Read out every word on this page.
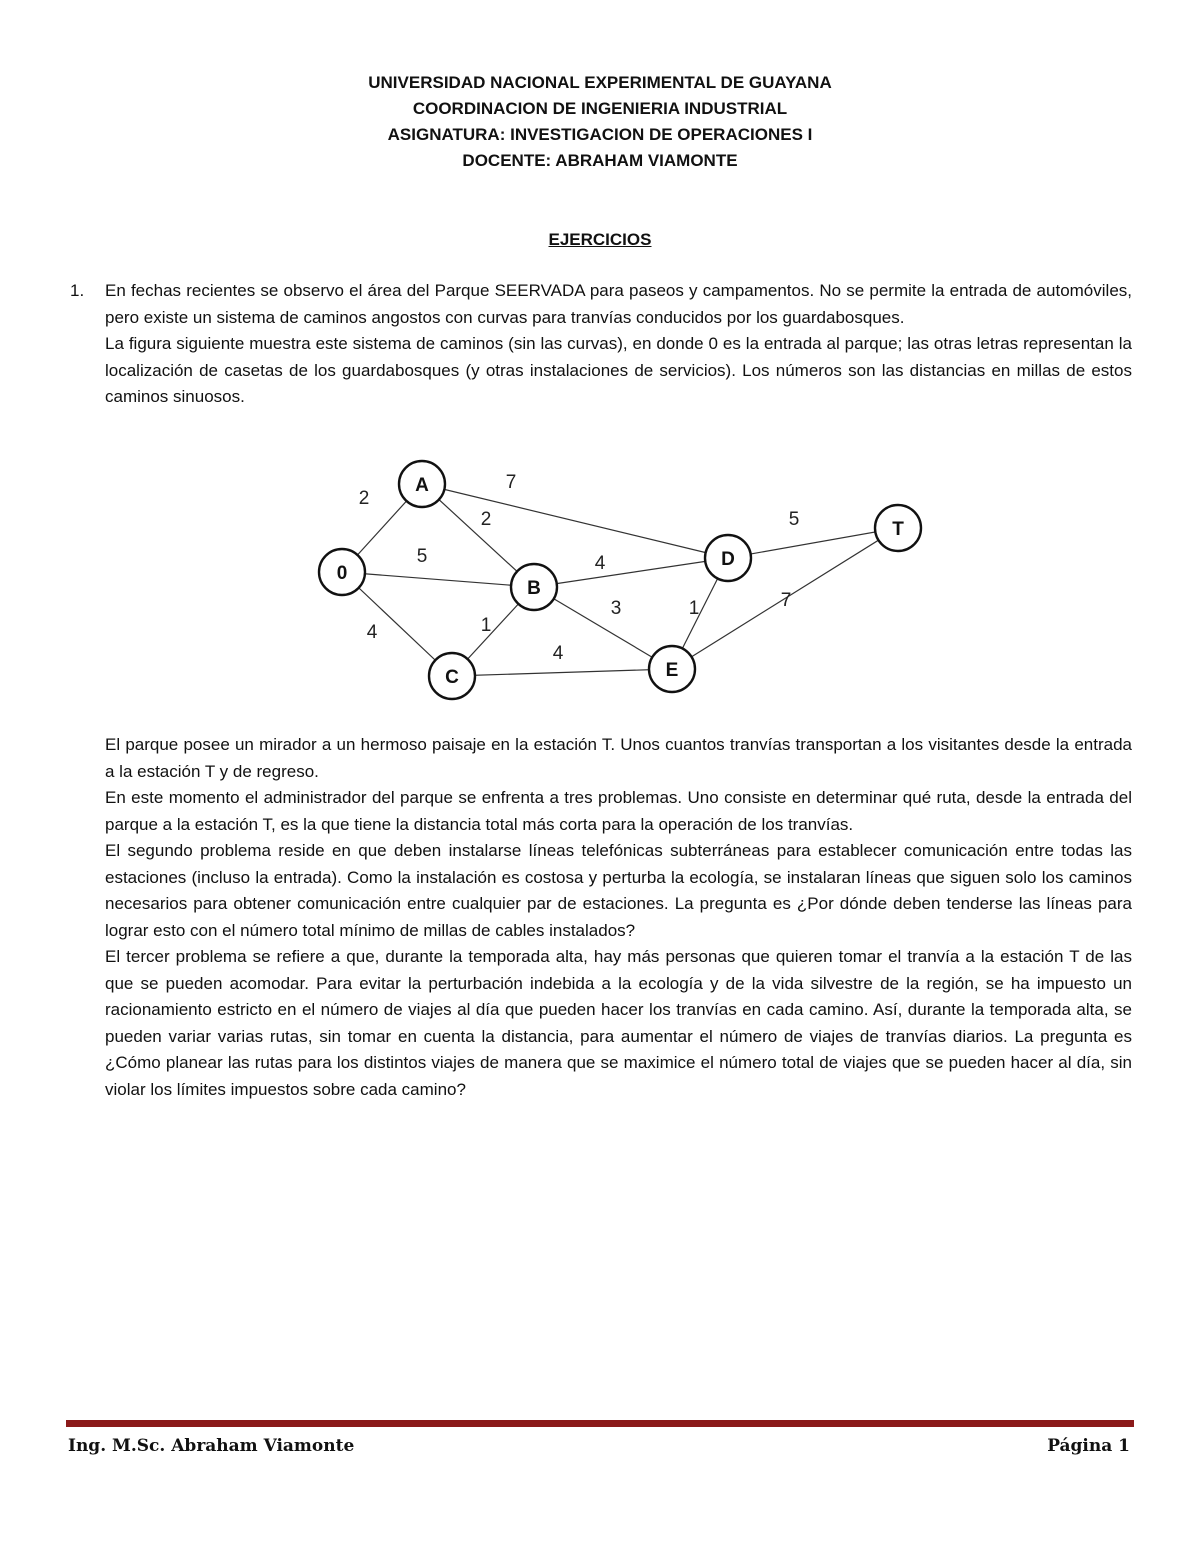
UNIVERSIDAD NACIONAL EXPERIMENTAL DE GUAYANA
COORDINACION DE INGENIERIA INDUSTRIAL
ASIGNATURA: INVESTIGACION DE OPERACIONES I
DOCENTE: ABRAHAM VIAMONTE
EJERCICIOS
1. En fechas recientes se observo el área del Parque SEERVADA para paseos y campamentos. No se permite la entrada de automóviles, pero existe un sistema de caminos angostos con curvas para tranvías conducidos por los guardabosques.

La figura siguiente muestra este sistema de caminos (sin las curvas), en donde 0 es la entrada al parque; las otras letras representan la localización de casetas de los guardabosques (y otras instalaciones de servicios). Los números son las distancias en millas de estos caminos sinuosos.

2
5
4
2
7
1
4
3
4
1
5
7
0
A
B
C
D
E
T

El parque posee un mirador a un hermoso paisaje en la estación T. Unos cuantos tranvías transportan a los visitantes desde la entrada a la estación T y de regreso.

En este momento el administrador del parque se enfrenta a tres problemas. Uno consiste en determinar qué ruta, desde la entrada del parque a la estación T, es la que tiene la distancia total más corta para la operación de los tranvías.

El segundo problema reside en que deben instalarse líneas telefónicas subterráneas para establecer comunicación entre todas las estaciones (incluso la entrada). Como la instalación es costosa y perturba la ecología, se instalaran líneas que siguen solo los caminos necesarios para obtener comunicación entre cualquier par de estaciones. La pregunta es ¿Por dónde deben tenderse las líneas para lograr esto con el número total mínimo de millas de cables instalados?

El tercer problema se refiere a que, durante la temporada alta, hay más personas que quieren tomar el tranvía a la estación T de las que se pueden acomodar. Para evitar la perturbación indebida a la ecología y de la vida silvestre de la región, se ha impuesto un racionamiento estricto en el número de viajes al día que pueden hacer los tranvías en cada camino. Así, durante la temporada alta, se pueden variar varias rutas, sin tomar en cuenta la distancia, para aumentar el número de viajes de tranvías diarios. La pregunta es ¿Cómo planear las rutas para los distintos viajes de manera que se maximice el número total de viajes que se pueden hacer al día, sin violar los límites impuestos sobre cada camino?

Ing. M.Sc. Abraham Viamonte	Página 1
